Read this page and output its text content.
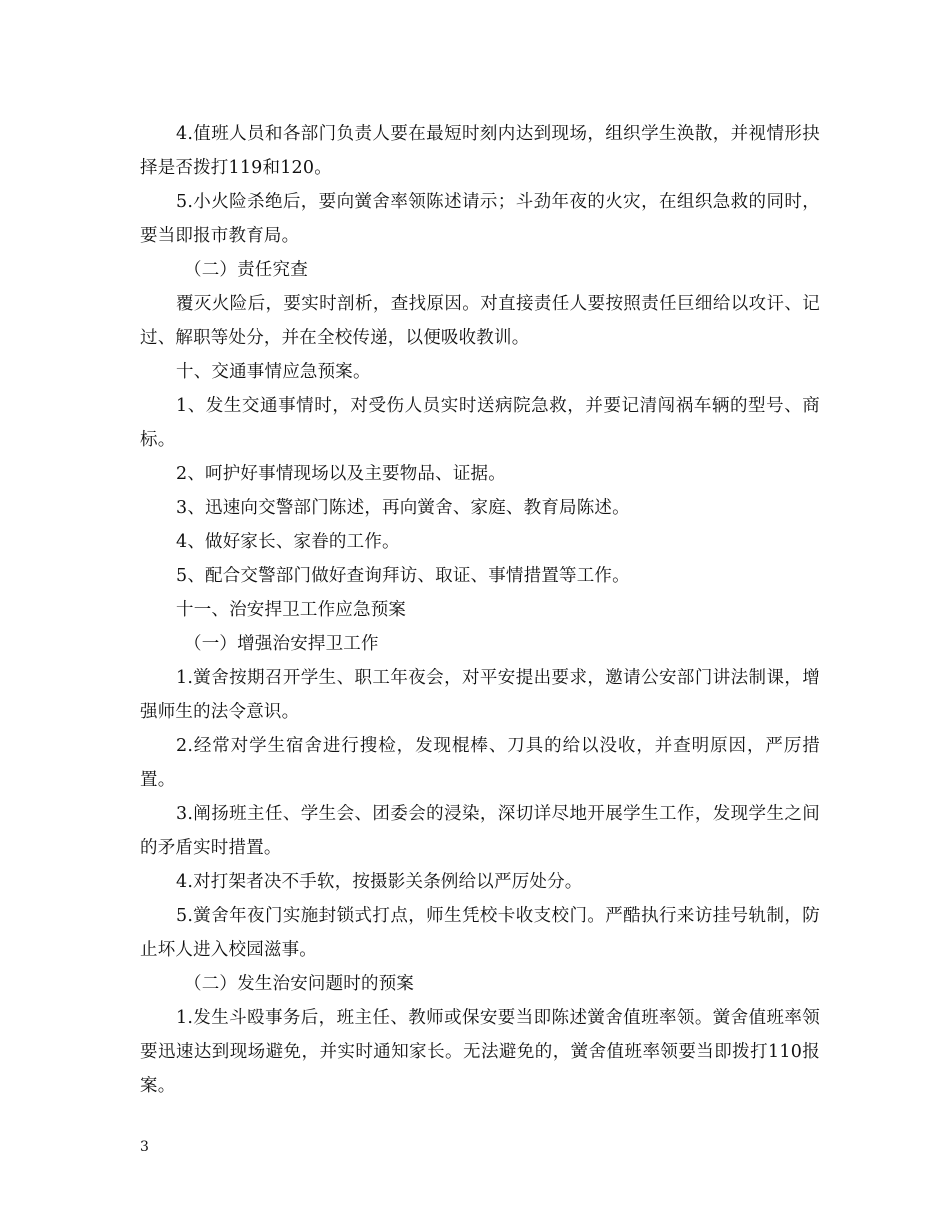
4.值班人员和各部门负责人要在最短时刻内达到现场，组织学生涣散，并视情形抉择是否拨打119和120。

5.小火险杀绝后，要向黉舍率领陈述请示；斗劲年夜的火灾，在组织急救的同时，要当即报市教育局。

（二）责任究查

覆灭火险后，要实时剖析，查找原因。对直接责任人要按照责任巨细给以攻讦、记过、解职等处分，并在全校传递，以便吸收教训。

十、交通事情应急预案。

1、发生交通事情时，对受伤人员实时送病院急救，并要记清闯祸车辆的型号、商标。

2、呵护好事情现场以及主要物品、证据。

3、迅速向交警部门陈述，再向黉舍、家庭、教育局陈述。

4、做好家长、家眷的工作。

5、配合交警部门做好查询拜访、取证、事情措置等工作。

十一、治安捍卫工作应急预案

（一）增强治安捍卫工作

1.黉舍按期召开学生、职工年夜会，对平安提出要求，邀请公安部门讲法制课，增强师生的法令意识。

2.经常对学生宿舍进行搜检，发现棍棒、刀具的给以没收，并查明原因，严厉措置。

3.阐扬班主任、学生会、团委会的浸染，深切详尽地开展学生工作，发现学生之间的矛盾实时措置。

4.对打架者决不手软，按摄影关条例给以严厉处分。

5.黉舍年夜门实施封锁式打点，师生凭校卡收支校门。严酷执行来访挂号轨制，防止坏人进入校园滋事。

（二）发生治安问题时的预案

1.发生斗殴事务后，班主任、教师或保安要当即陈述黉舍值班率领。黉舍值班率领要迅速达到现场避免，并实时通知家长。无法避免的，黉舍值班率领要当即拨打110报案。

3
